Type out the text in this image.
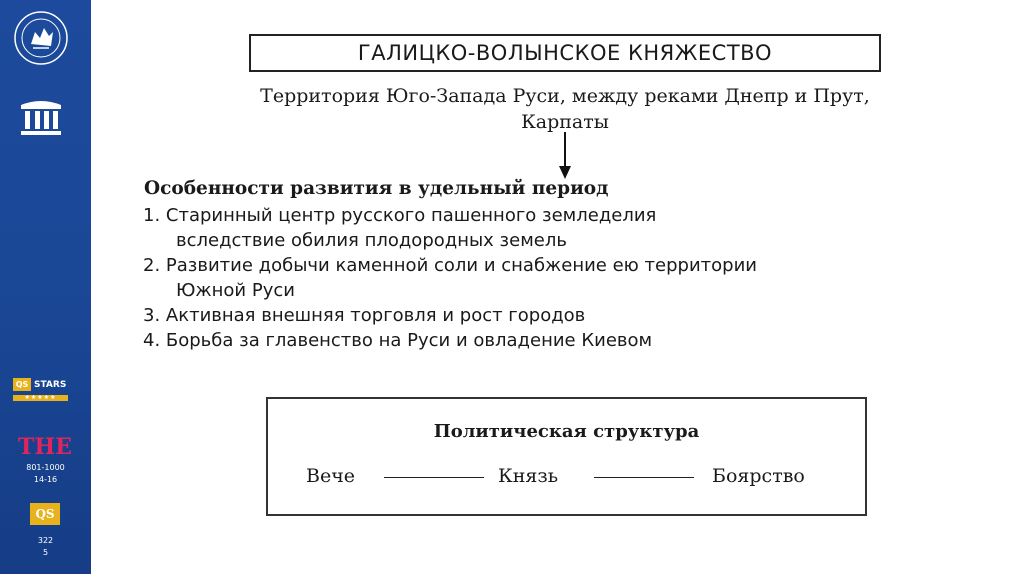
QS STARS
★★★★★
THE
801-1000
14-16
QS
322
5
ГАЛИЦКО-ВОЛЫНСКОЕ КНЯЖЕСТВО
Территория Юго-Запада Руси, между реками Днепр и Прут,
Карпаты
Особенности развития в удельный период
1. Старинный центр русского пашенного земледелия
вследствие обилия плодородных земель
2. Развитие добычи каменной соли и снабжение ею территории
Южной Руси
3. Активная внешняя торговля и рост городов
4. Борьба за главенство на Руси и овладение Киевом
Политическая структура
Вече	Князь	Боярство
